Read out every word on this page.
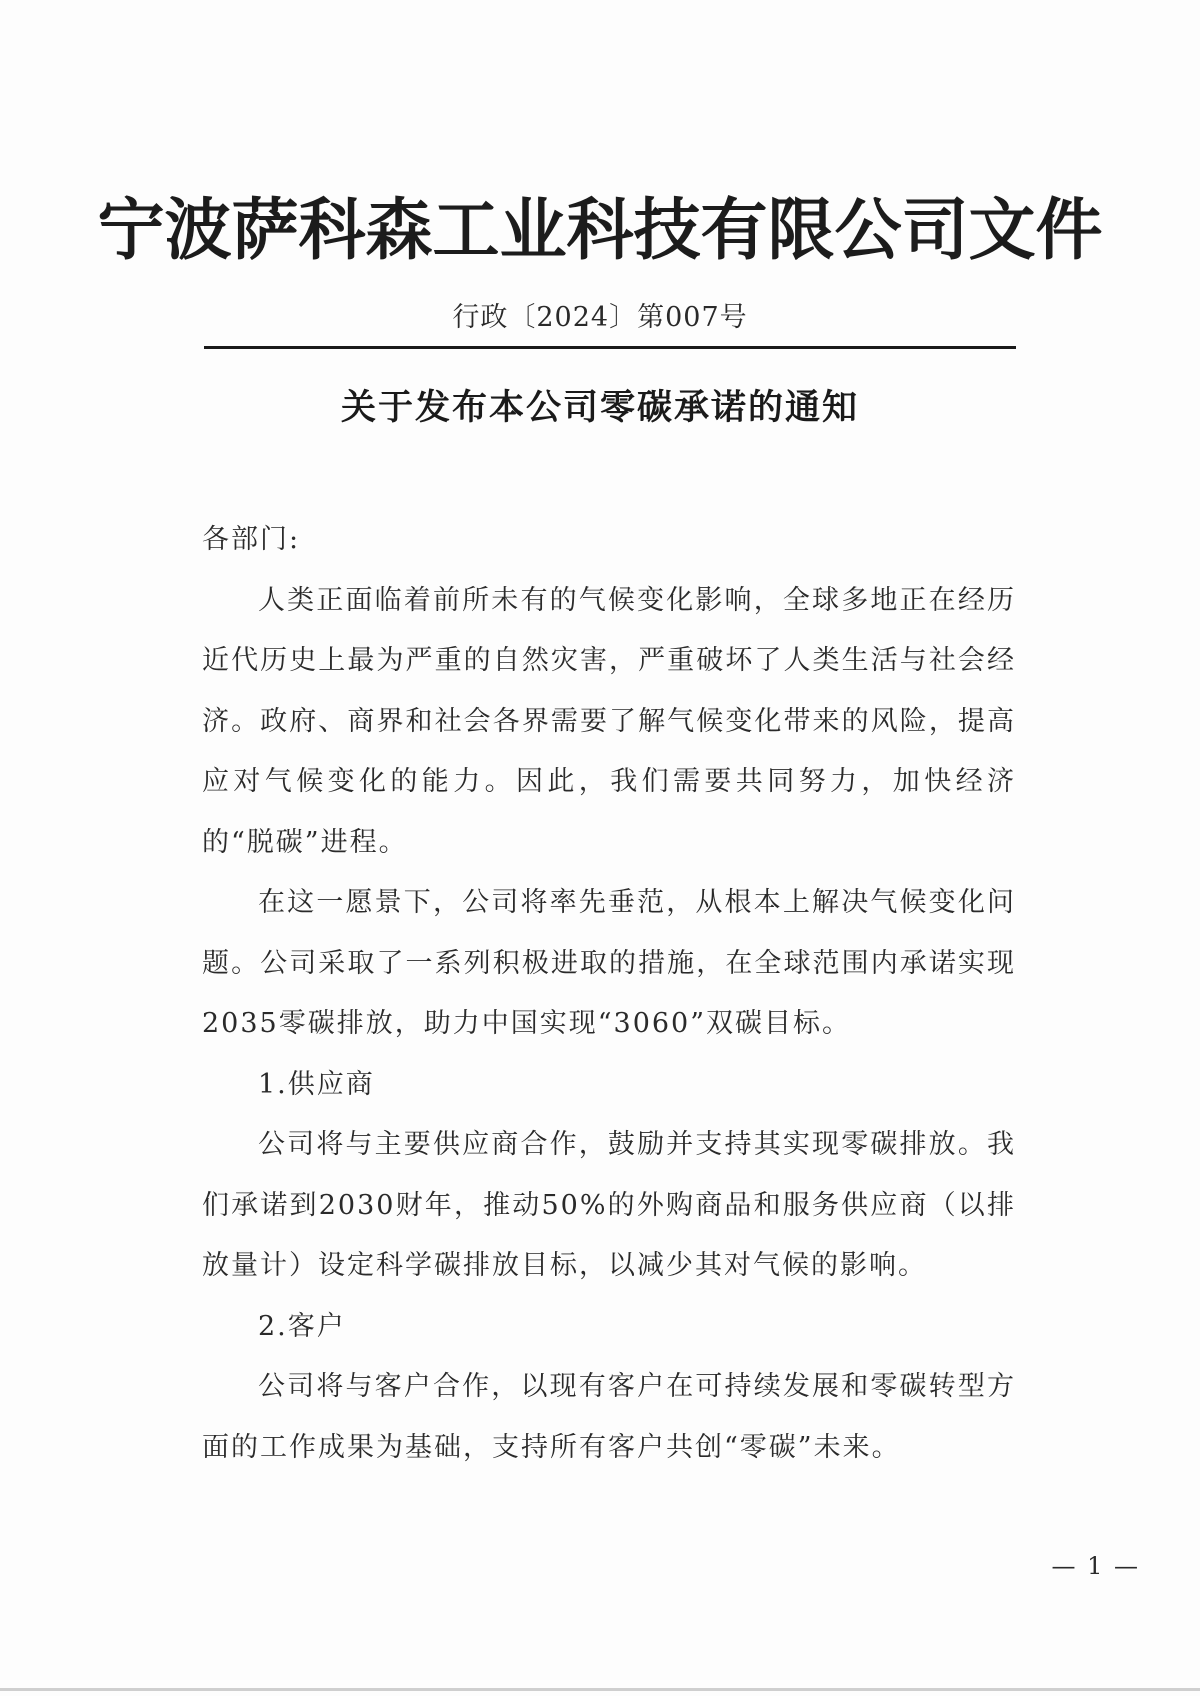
宁波萨科森工业科技有限公司文件
行政〔2024〕第007号
关于发布本公司零碳承诺的通知

各部门:

人类正面临着前所未有的气候变化影响，全球多地正在经历近代历史上最为严重的自然灾害，严重破坏了人类生活与社会经济。政府、商界和社会各界需要了解气候变化带来的风险，提高应对气候变化的能力。因此，我们需要共同努力，加快经济的“脱碳”进程。

在这一愿景下，公司将率先垂范，从根本上解决气候变化问题。公司采取了一系列积极进取的措施，在全球范围内承诺实现2035零碳排放，助力中国实现“3060”双碳目标。

1.供应商

公司将与主要供应商合作，鼓励并支持其实现零碳排放。我们承诺到2030财年，推动50%的外购商品和服务供应商（以排放量计）设定科学碳排放目标，以减少其对气候的影响。

2.客户

公司将与客户合作，以现有客户在可持续发展和零碳转型方面的工作成果为基础，支持所有客户共创“零碳”未来。

— 1 —
